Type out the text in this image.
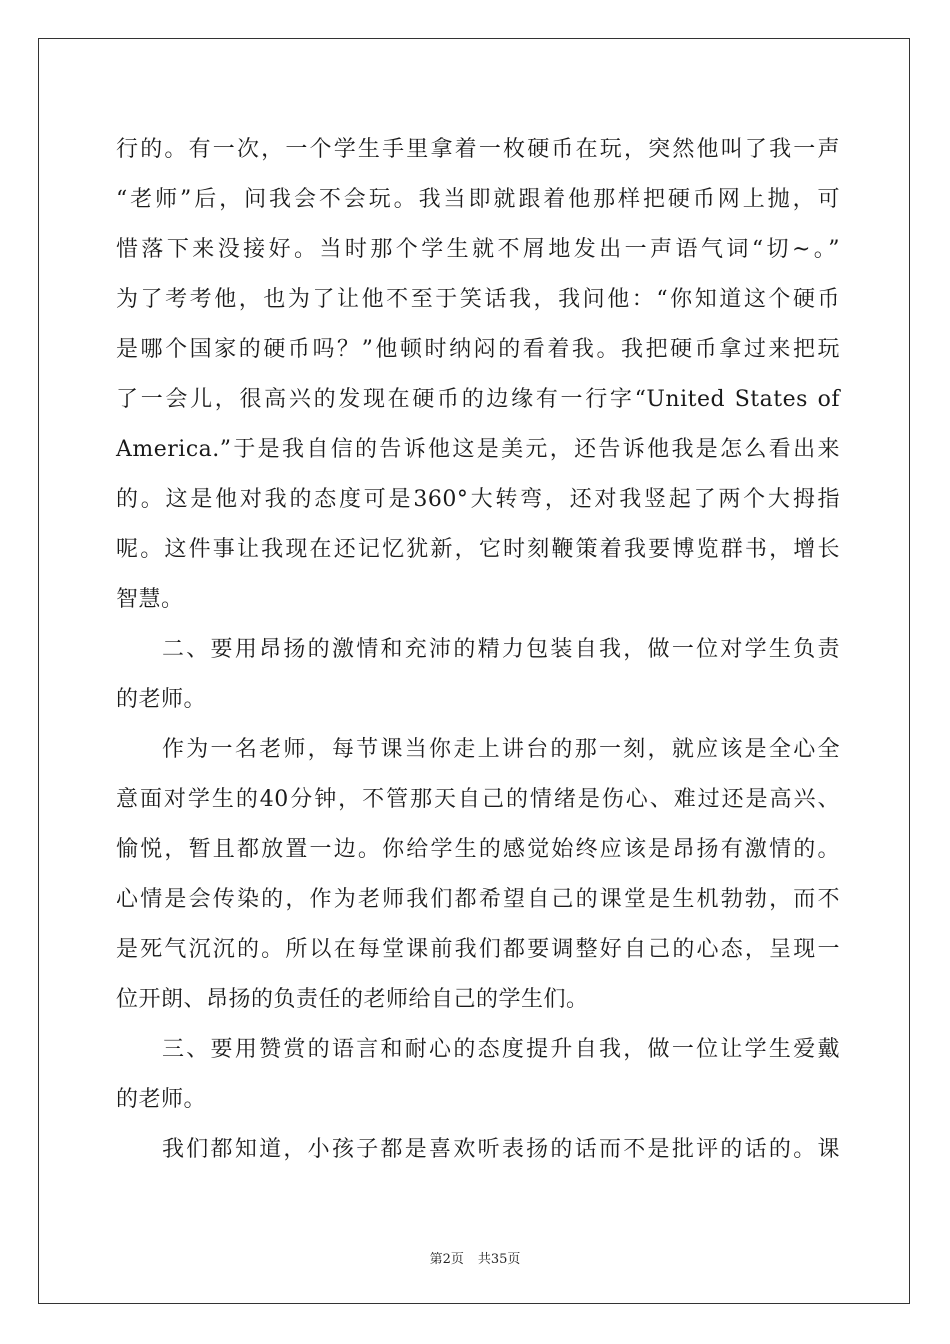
行的。有一次，一个学生手里拿着一枚硬币在玩，突然他叫了我一声
“老师”后，问我会不会玩。我当即就跟着他那样把硬币网上抛，可
惜落下来没接好。当时那个学生就不屑地发出一声语气词“切~。”
为了考考他，也为了让他不至于笑话我，我问他：“你知道这个硬币
是哪个国家的硬币吗？”他顿时纳闷的看着我。我把硬币拿过来把玩
了一会儿，很高兴的发现在硬币的边缘有一行字“United States of
America.”于是我自信的告诉他这是美元，还告诉他我是怎么看出来
的。这是他对我的态度可是360°大转弯，还对我竖起了两个大拇指
呢。这件事让我现在还记忆犹新，它时刻鞭策着我要博览群书，增长
智慧。
二、要用昂扬的激情和充沛的精力包装自我，做一位对学生负责
的老师。
作为一名老师，每节课当你走上讲台的那一刻，就应该是全心全
意面对学生的40分钟，不管那天自己的情绪是伤心、难过还是高兴、
愉悦，暂且都放置一边。你给学生的感觉始终应该是昂扬有激情的。
心情是会传染的，作为老师我们都希望自己的课堂是生机勃勃，而不
是死气沉沉的。所以在每堂课前我们都要调整好自己的心态，呈现一
位开朗、昂扬的负责任的老师给自己的学生们。
三、要用赞赏的语言和耐心的态度提升自我，做一位让学生爱戴
的老师。
我们都知道，小孩子都是喜欢听表扬的话而不是批评的话的。课
第2页 共35页
